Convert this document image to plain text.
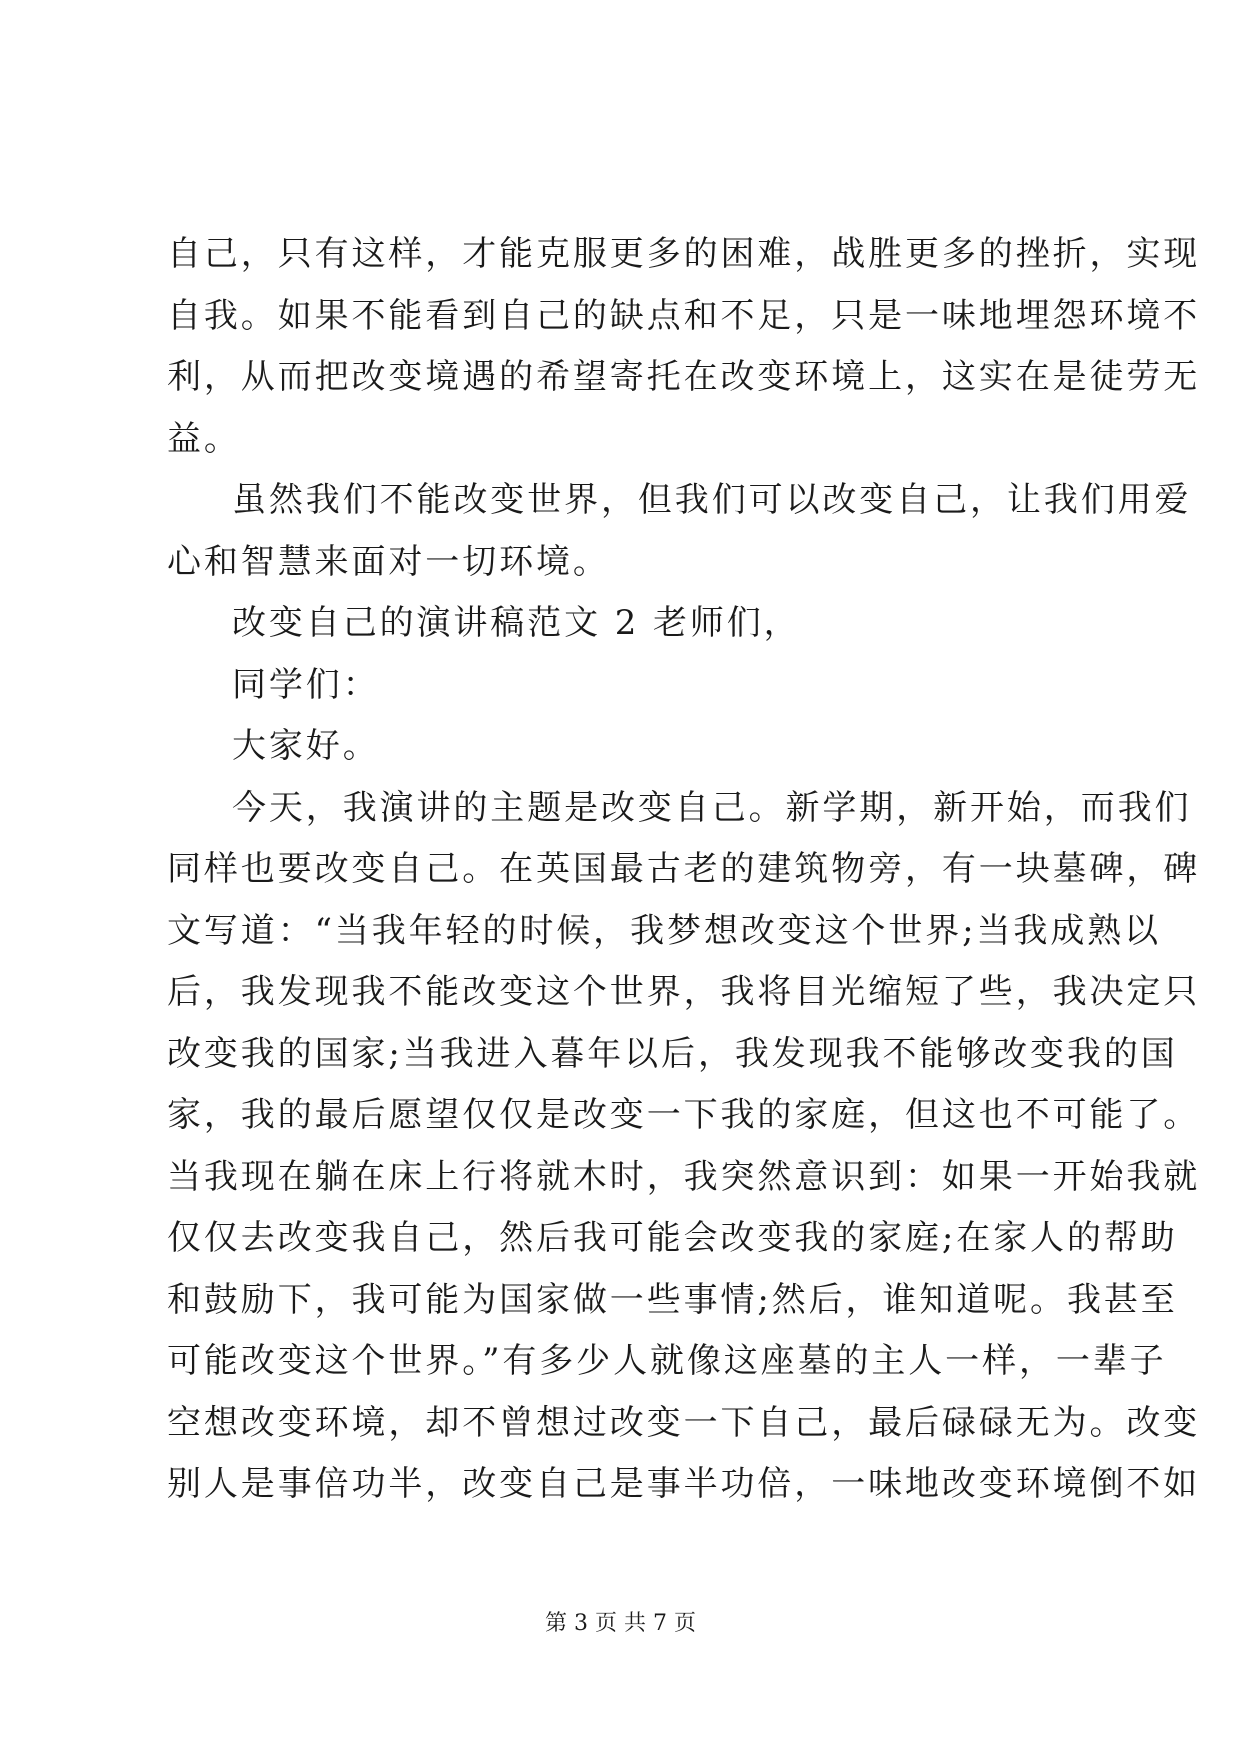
自己，只有这样，才能克服更多的困难，战胜更多的挫折，实现
自我。如果不能看到自己的缺点和不足，只是一味地埋怨环境不
利，从而把改变境遇的希望寄托在改变环境上，这实在是徒劳无
益。
虽然我们不能改变世界，但我们可以改变自己，让我们用爱
心和智慧来面对一切环境。
改变自己的演讲稿范文 2 老师们，
同学们：
大家好。
今天，我演讲的主题是改变自己。新学期，新开始，而我们
同样也要改变自己。在英国最古老的建筑物旁，有一块墓碑，碑
文写道：“当我年轻的时候，我梦想改变这个世界;当我成熟以
后，我发现我不能改变这个世界，我将目光缩短了些，我决定只
改变我的国家;当我进入暮年以后，我发现我不能够改变我的国
家，我的最后愿望仅仅是改变一下我的家庭，但这也不可能了。
当我现在躺在床上行将就木时，我突然意识到：如果一开始我就
仅仅去改变我自己，然后我可能会改变我的家庭;在家人的帮助
和鼓励下，我可能为国家做一些事情;然后，谁知道呢。我甚至
可能改变这个世界。”有多少人就像这座墓的主人一样，一辈子
空想改变环境，却不曾想过改变一下自己，最后碌碌无为。改变
别人是事倍功半，改变自己是事半功倍，一味地改变环境倒不如
第 3 页 共 7 页
